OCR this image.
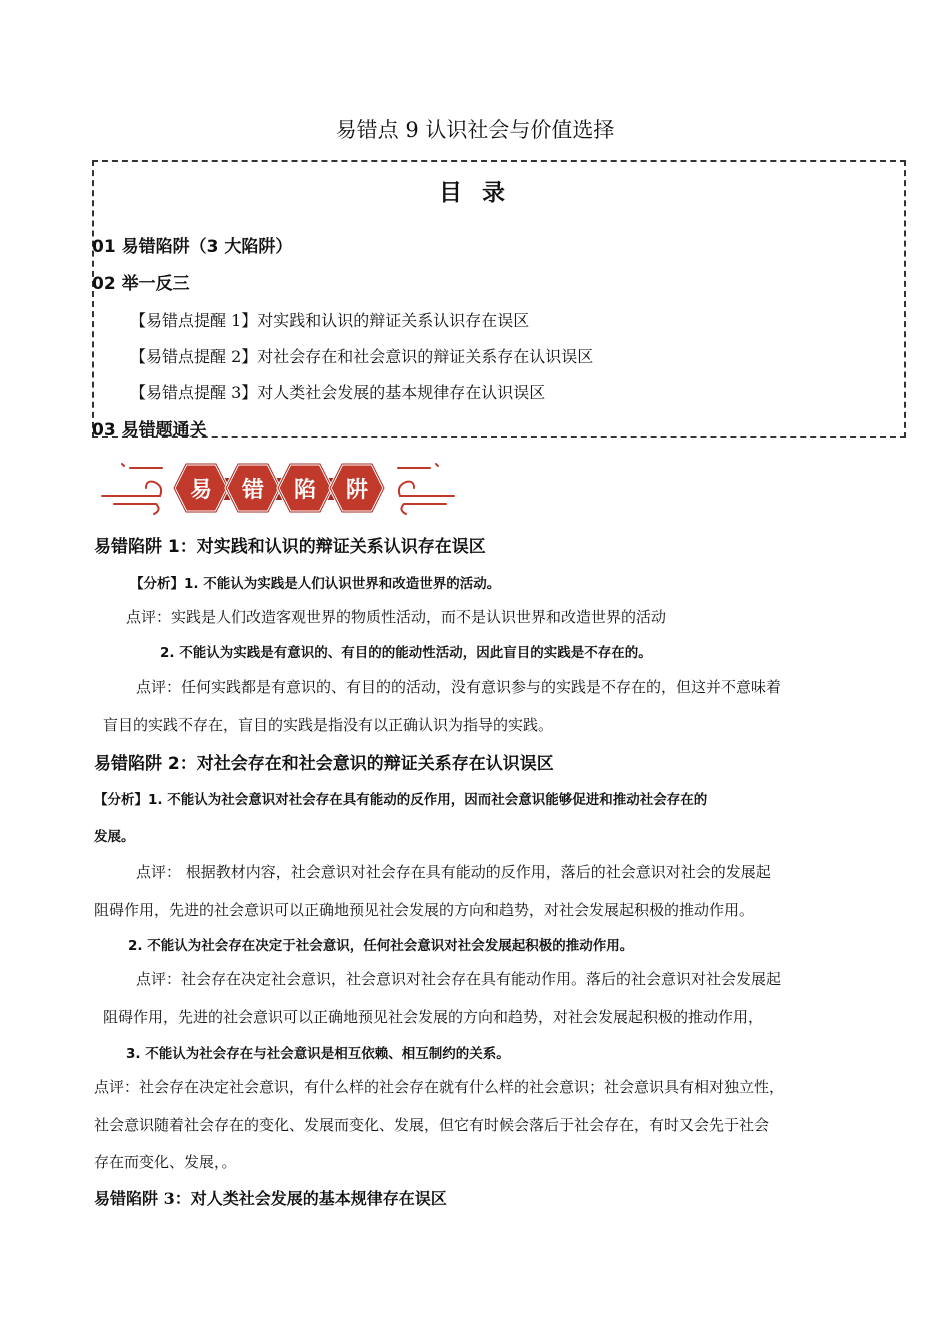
易错点 9 认识社会与价值选择
目 录
01 易错陷阱（3 大陷阱）
02 举一反三
【易错点提醒 1】对实践和认识的辩证关系认识存在误区
【易错点提醒 2】对社会存在和社会意识的辩证关系存在认识误区
【易错点提醒 3】对人类社会发展的基本规律存在认识误区
03 易错题通关
易 错 陷 阱
易错陷阱 1：对实践和认识的辩证关系认识存在误区
【分析】1. 不能认为实践是人们认识世界和改造世界的活动。
点评：实践是人们改造客观世界的物质性活动，而不是认识世界和改造世界的活动
2. 不能认为实践是有意识的、有目的的能动性活动，因此盲目的实践是不存在的。
点评：任何实践都是有意识的、有目的的活动，没有意识参与的实践是不存在的，但这并不意味着
盲目的实践不存在，盲目的实践是指没有以正确认识为指导的实践。
易错陷阱 2：对社会存在和社会意识的辩证关系存在认识误区
【分析】1. 不能认为社会意识对社会存在具有能动的反作用，因而社会意识能够促进和推动社会存在的
发展。
点评： 根据教材内容，社会意识对社会存在具有能动的反作用，落后的社会意识对社会的发展起
阻碍作用，先进的社会意识可以正确地预见社会发展的方向和趋势，对社会发展起积极的推动作用。
2. 不能认为社会存在决定于社会意识，任何社会意识对社会发展起积极的推动作用。
点评：社会存在决定社会意识，社会意识对社会存在具有能动作用。落后的社会意识对社会发展起
阻碍作用，先进的社会意识可以正确地预见社会发展的方向和趋势，对社会发展起积极的推动作用，
3. 不能认为社会存在与社会意识是相互依赖、相互制约的关系。
点评：社会存在决定社会意识，有什么样的社会存在就有什么样的社会意识；社会意识具有相对独立性，
社会意识随着社会存在的变化、发展而变化、发展，但它有时候会落后于社会存在，有时又会先于社会
存在而变化、发展，。
易错陷阱 3：对人类社会发展的基本规律存在误区
